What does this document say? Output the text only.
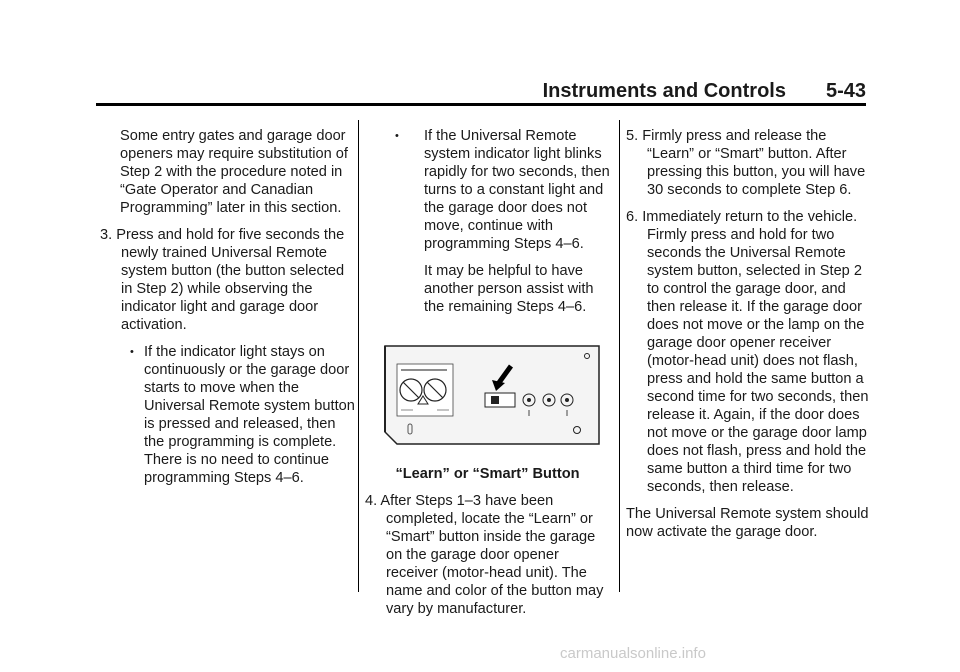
Instruments and Controls 5-43

Some entry gates and garage door openers may require substitution of Step 2 with the procedure noted in “Gate Operator and Canadian Programming” later in this section.

3. Press and hold for five seconds the newly trained Universal Remote system button (the button selected in Step 2) while observing the indicator light and garage door activation.

• If the indicator light stays on continuously or the garage door starts to move when the Universal Remote system button is pressed and released, then the programming is complete. There is no need to continue programming Steps 4–6.

• If the Universal Remote system indicator light blinks rapidly for two seconds, then turns to a constant light and the garage door does not move, continue with programming Steps 4–6.

It may be helpful to have another person assist with the remaining Steps 4–6.

“Learn” or “Smart” Button

4. After Steps 1–3 have been completed, locate the “Learn” or “Smart” button inside the garage on the garage door opener receiver (motor-head unit). The name and color of the button may vary by manufacturer.

5. Firmly press and release the “Learn” or “Smart” button. After pressing this button, you will have 30 seconds to complete Step 6.

6. Immediately return to the vehicle. Firmly press and hold for two seconds the Universal Remote system button, selected in Step 2 to control the garage door, and then release it. If the garage door does not move or the lamp on the garage door opener receiver (motor-head unit) does not flash, press and hold the same button a second time for two seconds, then release it. Again, if the door does not move or the garage door lamp does not flash, press and hold the same button a third time for two seconds, then release.

The Universal Remote system should now activate the garage door.

carmanualsonline.info
